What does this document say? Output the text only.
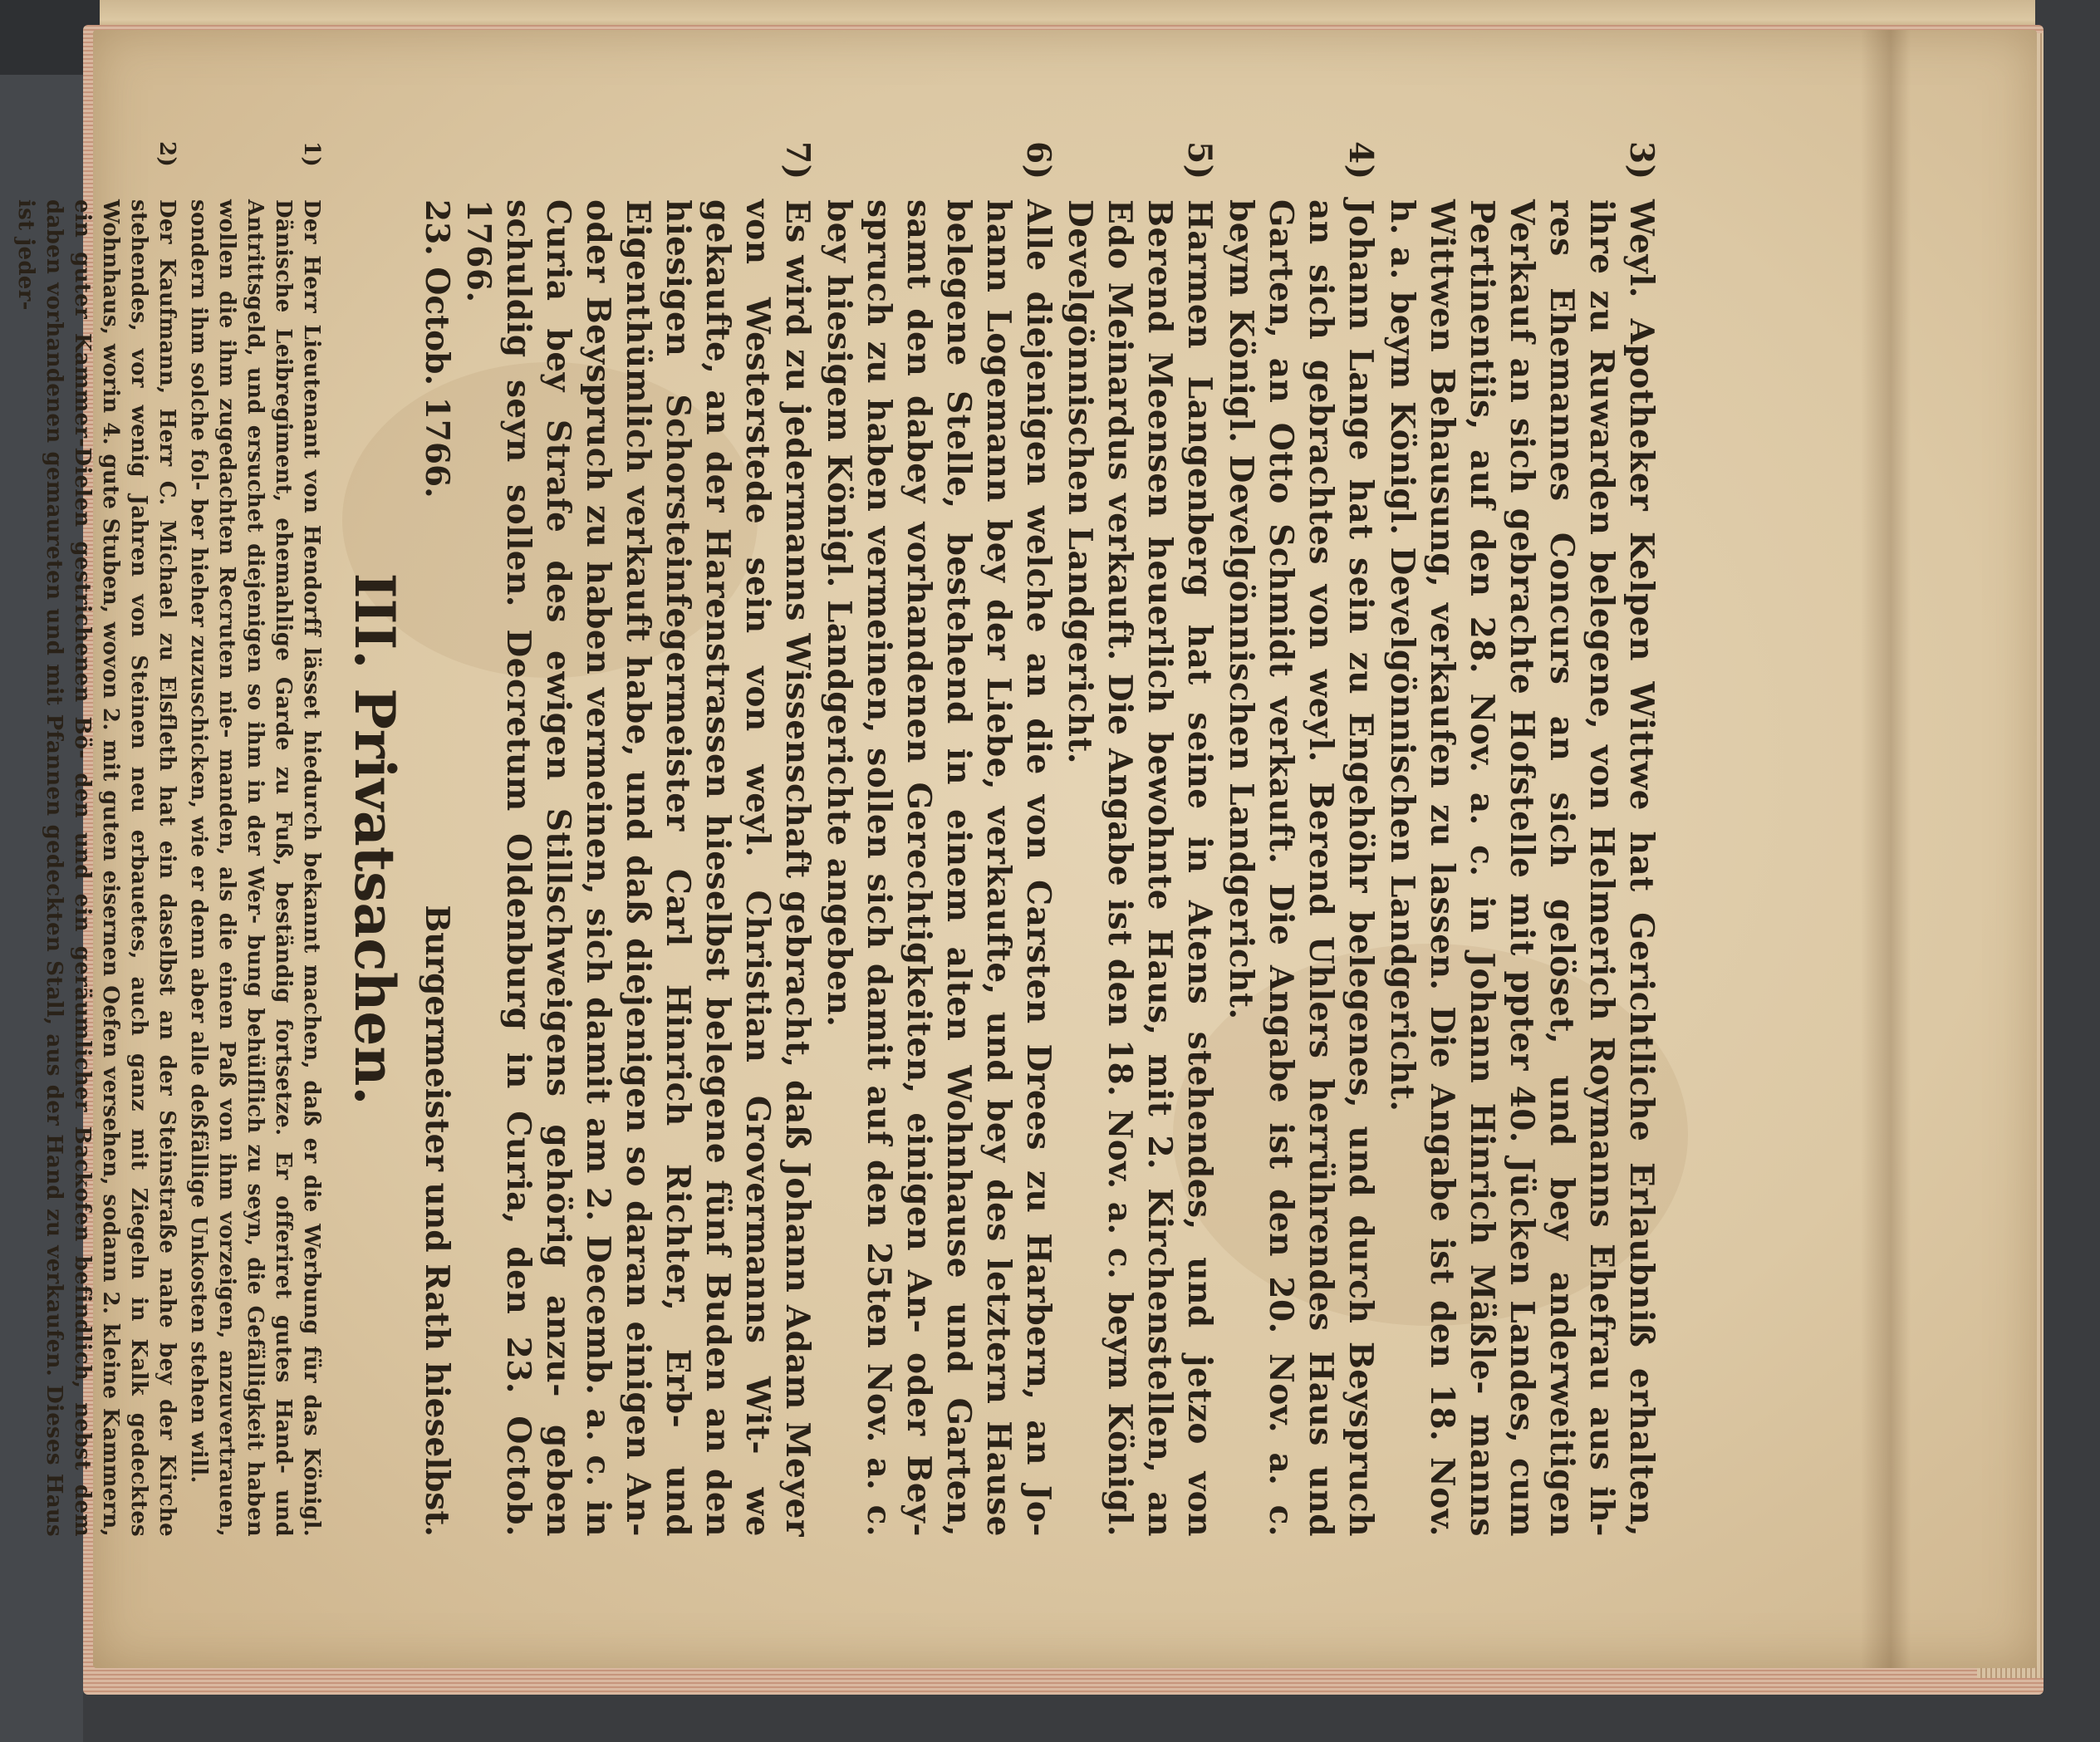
3)
Weyl. Apotheker Kelpen Wittwe hat Gerichtliche Erlaubniß erhalten, ihre zu Ruwarden belegene, von Helmerich Roymanns Ehefrau aus ih- res Ehemannes Concurs an sich gelöset, und bey anderweitigen Verkauf an sich gebrachte Hofstelle mit ppter 40. Jücken Landes, cum Pertinentiis, auf den 28. Nov. a. c. in Johann Hinrich Mäßle- manns Wittwen Behausung, verkaufen zu lassen. Die Angabe ist den 18. Nov. h. a. beym Königl. Develgönnischen Landgericht.
4)
Johann Lange hat sein zu Engehöhr belegenes, und durch Beyspruch an sich gebrachtes von weyl. Berend Uhlers herrührendes Haus und Garten, an Otto Schmidt verkauft. Die Angabe ist den 20. Nov. a. c. beym Königl. Develgönnischen Landgericht.
5)
Harmen Langenberg hat seine in Atens stehendes, und jetzo von Berend Meensen heuerlich bewohnte Haus, mit 2. Kirchenstellen, an Edo Meinardus verkauft. Die Angabe ist den 18. Nov. a. c. beym Königl. Develgönnischen Landgericht.
6)
Alle diejenigen welche an die von Carsten Drees zu Harbern, an Jo- hann Logemann bey der Liebe, verkaufte, und bey des letztern Hause belegene Stelle, bestehend in einem alten Wohnhause und Garten, samt den dabey vorhandenen Gerechtigkeiten, einigen An- oder Bey- spruch zu haben vermeinen, sollen sich damit auf den 25ten Nov. a. c. bey hiesigem Königl. Landgerichte angeben.
7)
Es wird zu jedermanns Wissenschaft gebracht, daß Johann Adam Meyer von Westerstede sein von weyl. Christian Grovermanns Wit- we gekaufte, an der Harenstrassen hieselbst belegene fünf Buden an den hiesigen Schorsteinfegermeister Carl Hinrich Richter, Erb- und Eigenthümlich verkauft habe, und daß diejenigen so daran einigen An- oder Beyspruch zu haben vermeinen, sich damit am 2. Decemb. a. c. in Curia bey Strafe des ewigen Stillschweigens gehörig anzu- geben schuldig seyn sollen. Decretum Oldenburg in Curia, den 23. Octob. 1766.
23. Octob. 1766.
Burgermeister und Rath hieselbst.
III. Privatsachen.
1)
Der Herr Lieutenant von Hendorff lässet hiedurch bekannt machen, daß er die Werbung für das Königl. Dänische Leibregiment, ehemahlige Garde zu Fuß, beständig fortsetze. Er offeriret gutes Hand- und Antrittsgeld, und ersuchet diejenigen so ihm in der Wer- bung behülflich zu seyn, die Gefälligkeit haben wollen die ihm zugedachten Recruten nie- manden, als die einen Paß von ihm vorzeigen, anzuvertrauen, sondern ihm solche fol- ber hieher zuzuschicken, wie er denn aber alle deßfällige Unkosten stehen will.
2)
Der Kaufmann, Herr C. Michael zu Elsfleth hat ein daselbst an der Steinstraße nahe bey der Kirche stehendes, vor wenig Jahren von Steinen neu erbauetes, auch ganz mit Ziegeln in Kalk gedecktes Wohnhaus, worin 4. gute Stuben, wovon 2. mit guten eisernen Oefen versehen, sodann 2. kleine Kammern, ein guter Kammer-Dielen gestrichenen Bö- den und ein geräumlicher Backofen befindlich, nebst dem daben vorhandenen gemaureten und mit Pfannen gedeckten Stall, aus der Hand zu verkaufen. Dieses Haus ist jeder-
